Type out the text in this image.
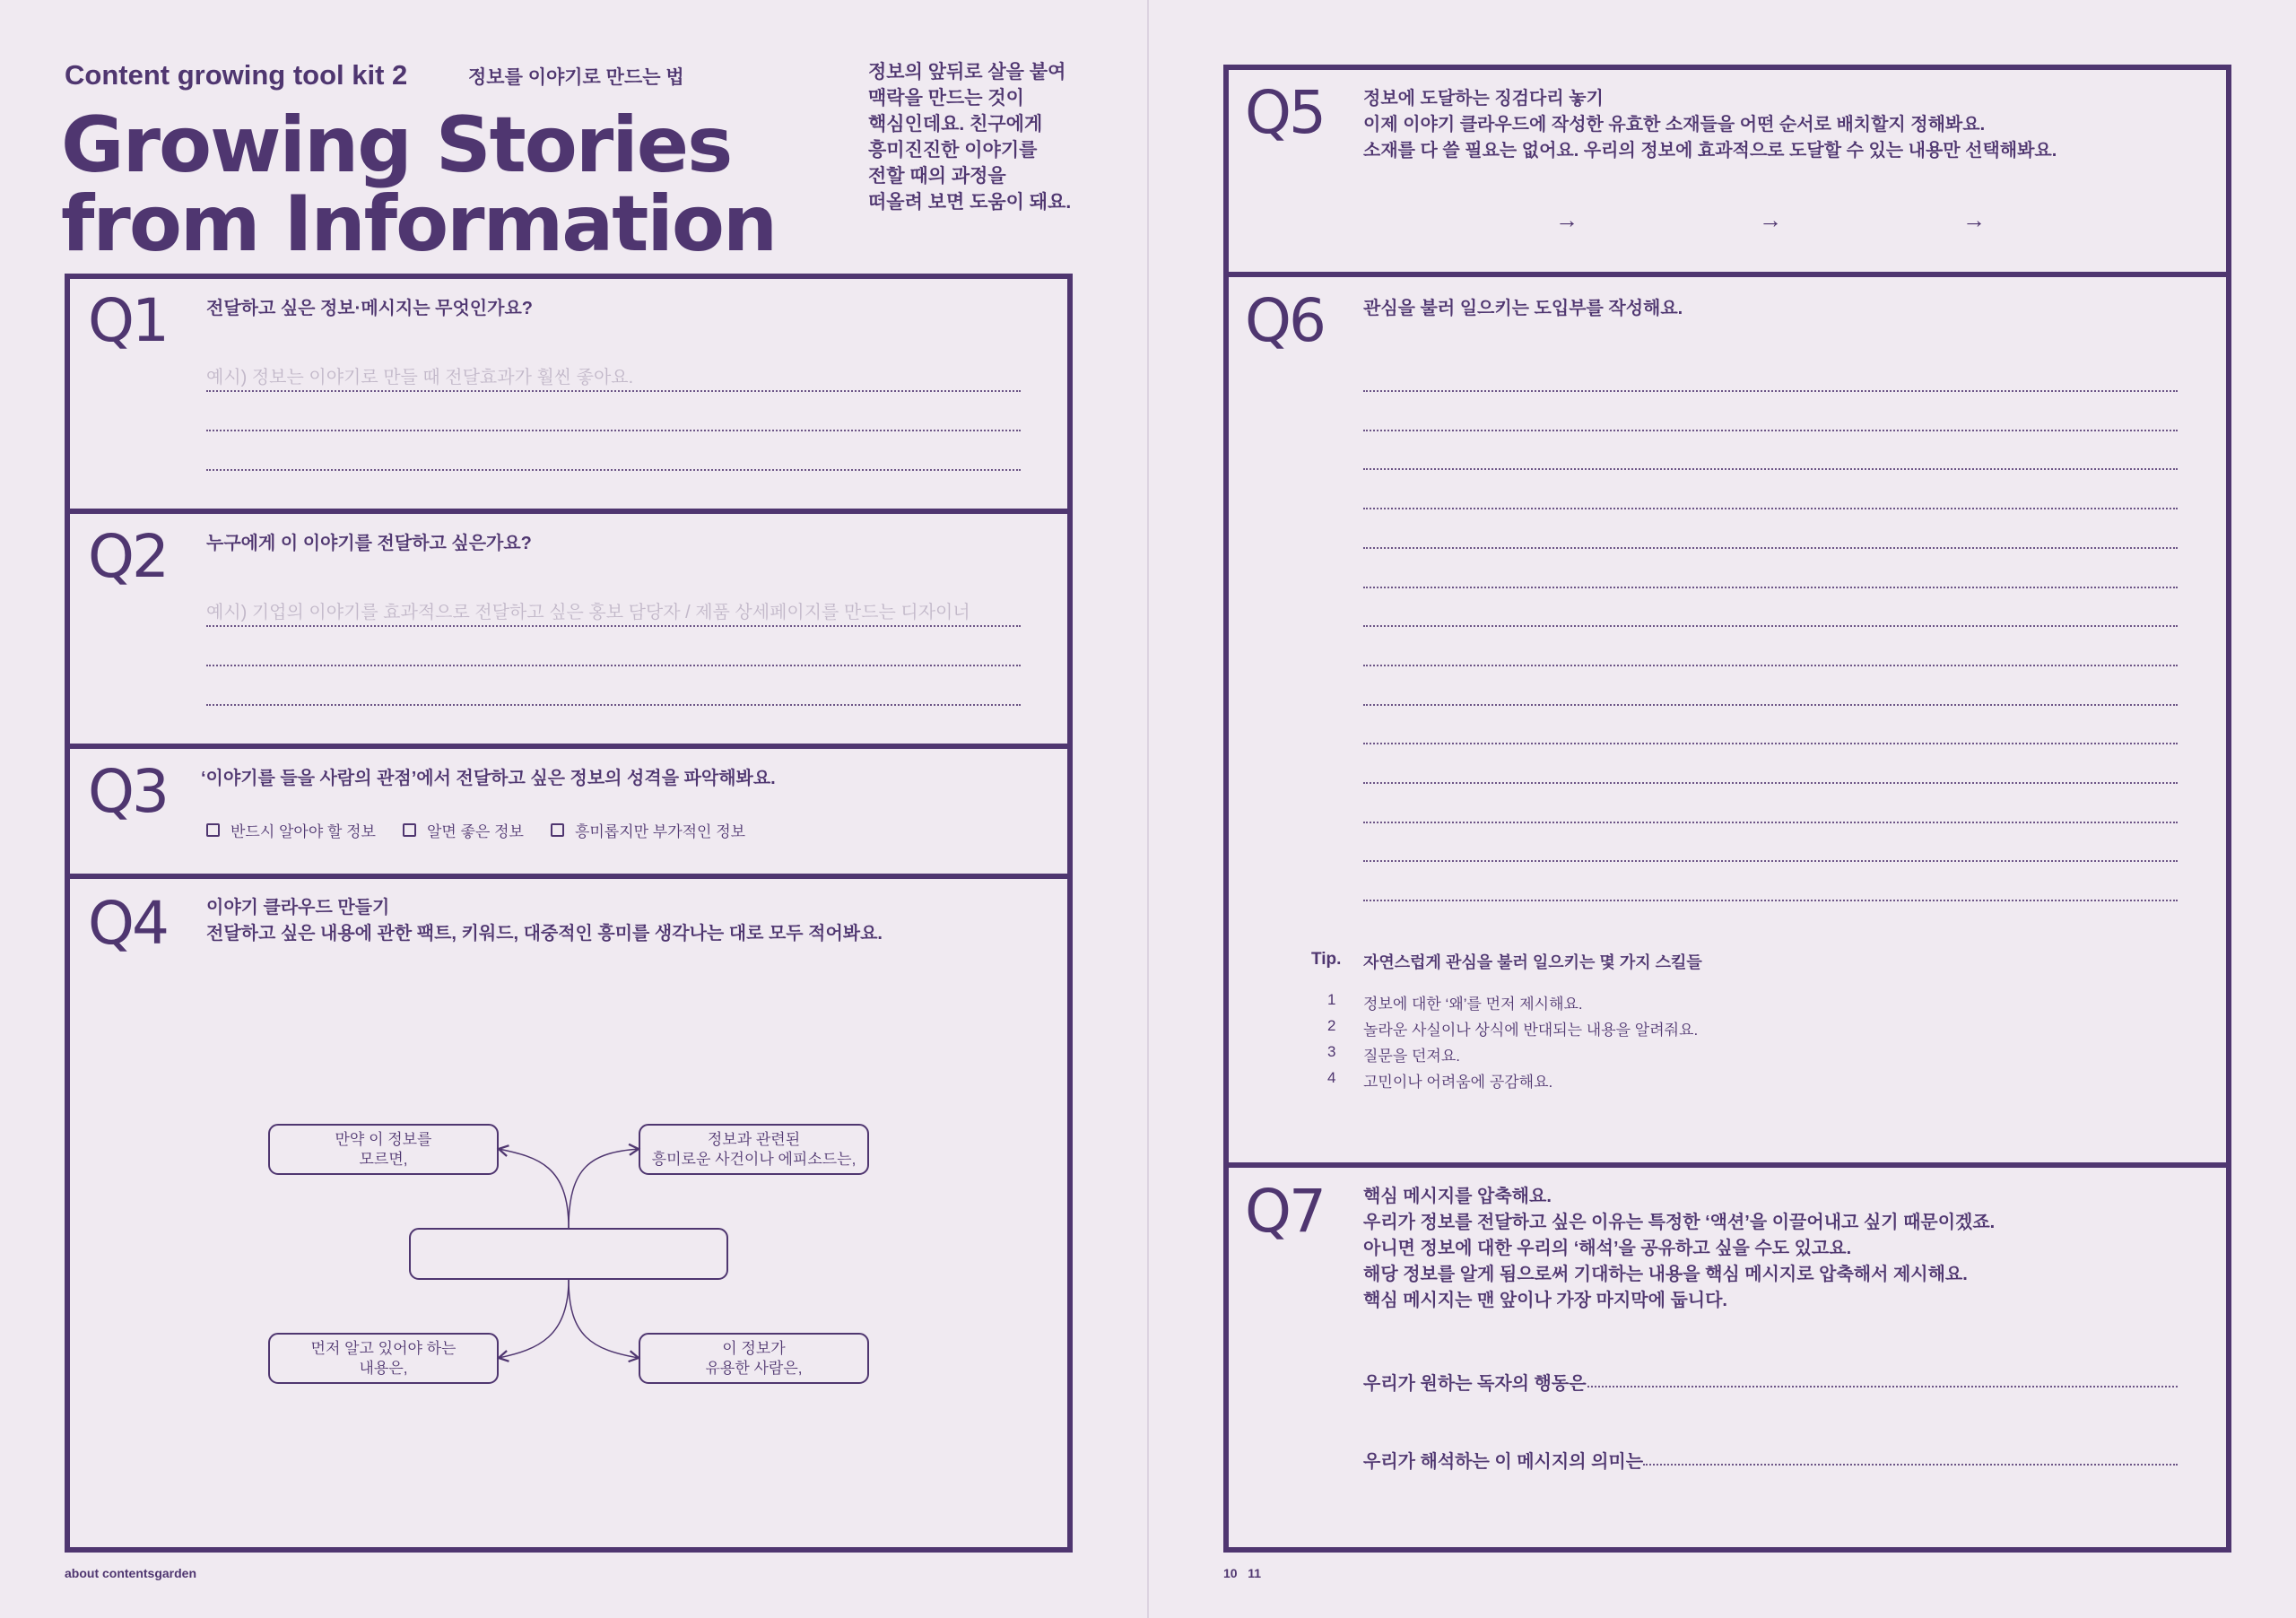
Content growing tool kit 2	정보를 이야기로 만드는 법
Growing Stories
from Information
정보의 앞뒤로 살을 붙여
맥락을 만드는 것이
핵심인데요. 친구에게
흥미진진한 이야기를
전할 때의 과정을
떠올려 보면 도움이 돼요.
Q1 전달하고 싶은 정보·메시지는 무엇인가요?
예시) 정보는 이야기로 만들 때 전달효과가 훨씬 좋아요.
Q2 누구에게 이 이야기를 전달하고 싶은가요?
예시) 기업의 이야기를 효과적으로 전달하고 싶은 홍보 담당자 / 제품 상세페이지를 만드는 디자이너
Q3 ‘이야기를 들을 사람의 관점’에서 전달하고 싶은 정보의 성격을 파악해봐요.
반드시 알아야 할 정보	알면 좋은 정보	흥미롭지만 부가적인 정보
Q4 이야기 클라우드 만들기
전달하고 싶은 내용에 관한 팩트, 키워드, 대중적인 흥미를 생각나는 대로 모두 적어봐요.
만약 이 정보를
모르면,
정보과 관련된
흥미로운 사건이나 에피소드는,
먼저 알고 있어야 하는
내용은,
이 정보가
유용한 사람은,
about contentsgarden
Q5 정보에 도달하는 징검다리 놓기
이제 이야기 클라우드에 작성한 유효한 소재들을 어떤 순서로 배치할지 정해봐요.
소재를 다 쓸 필요는 없어요. 우리의 정보에 효과적으로 도달할 수 있는 내용만 선택해봐요.
→	→	→
Q6 관심을 불러 일으키는 도입부를 작성해요.
Tip. 자연스럽게 관심을 불러 일으키는 몇 가지 스킬들
1	정보에 대한 ‘왜’를 먼저 제시해요.
2	놀라운 사실이나 상식에 반대되는 내용을 알려줘요.
3	질문을 던져요.
4	고민이나 어려움에 공감해요.
Q7 핵심 메시지를 압축해요.
우리가 정보를 전달하고 싶은 이유는 특정한 ‘액션’을 이끌어내고 싶기 때문이겠죠.
아니면 정보에 대한 우리의 ‘해석’을 공유하고 싶을 수도 있고요.
해당 정보를 알게 됨으로써 기대하는 내용을 핵심 메시지로 압축해서 제시해요.
핵심 메시지는 맨 앞이나 가장 마지막에 둡니다.
우리가 원하는 독자의 행동은
우리가 해석하는 이 메시지의 의미는
10   11
